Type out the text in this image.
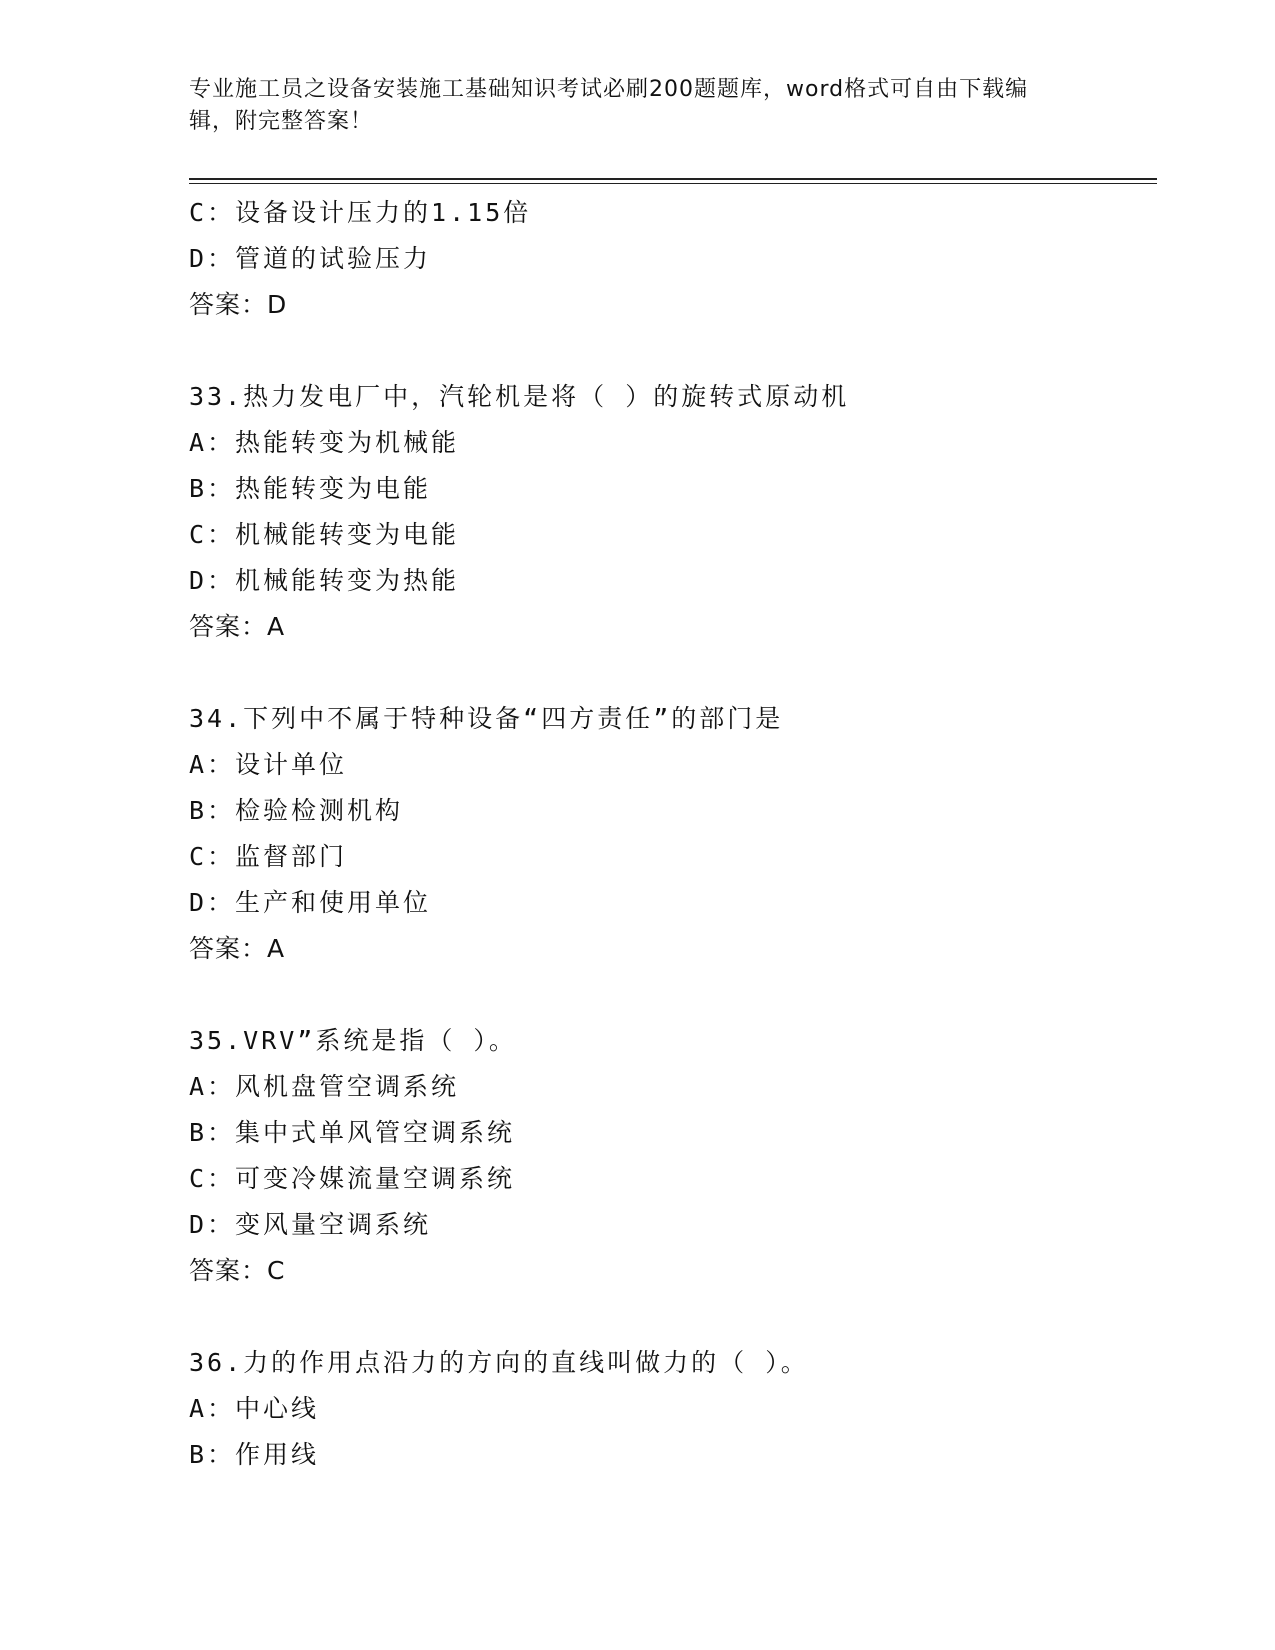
专业施工员之设备安装施工基础知识考试必刷200题题库，word格式可自由下载编辑，附完整答案！
C：设备设计压力的1.15倍
D：管道的试验压力
答案：D
33.热力发电厂中，汽轮机是将（ ）的旋转式原动机
A：热能转变为机械能
B：热能转变为电能
C：机械能转变为电能
D：机械能转变为热能
答案：A
34.下列中不属于特种设备“四方责任”的部门是
A：设计单位
B：检验检测机构
C：监督部门
D：生产和使用单位
答案：A
35.VRV”系统是指（ ）。
A：风机盘管空调系统
B：集中式单风管空调系统
C：可变冷媒流量空调系统
D：变风量空调系统
答案：C
36.力的作用点沿力的方向的直线叫做力的（ ）。
A：中心线
B：作用线
